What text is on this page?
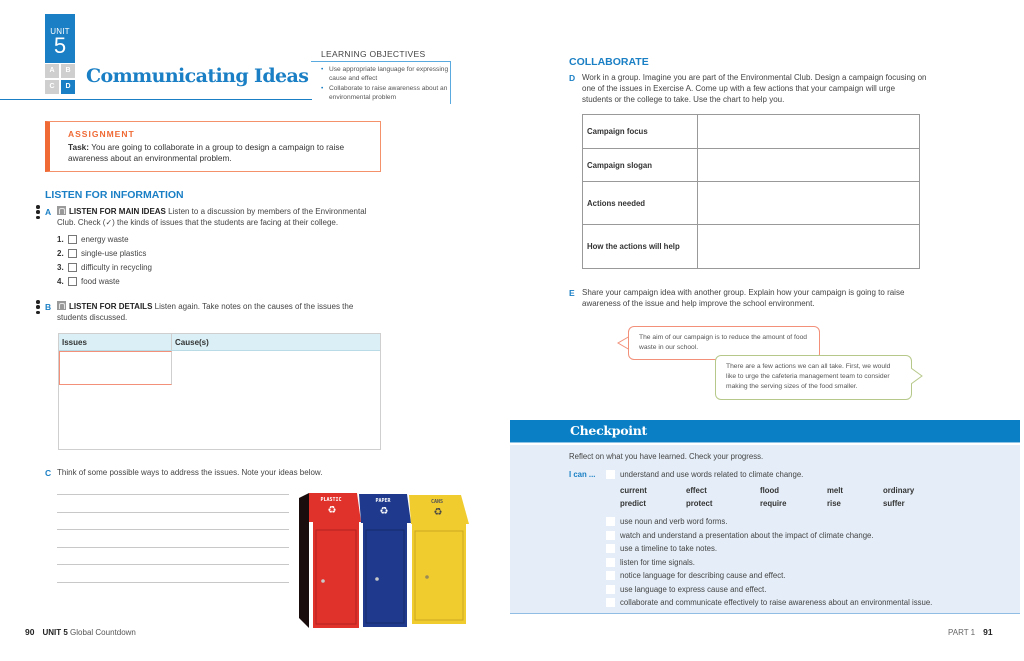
UNIT
5
A	B
C	D Communicating Ideas
LEARNING OBJECTIVES
• Use appropriate language for expressing cause and effect
• Collaborate to raise awareness about an environmental problem
ASSIGNMENT
Task: You are going to collaborate in a group to design a campaign to raise awareness about an environmental problem.
LISTEN FOR INFORMATION
A	LISTEN FOR MAIN IDEAS Listen to a discussion by members of the Environmental Club. Check (✓) the kinds of issues that the students are facing at their college.
1.	energy waste
2.	single-use plastics
3.	difficulty in recycling
4.	food waste
B	LISTEN FOR DETAILS Listen again. Take notes on the causes of the issues the students discussed.
Issues	Cause(s)
C Think of some possible ways to address the issues. Note your ideas below.
PLASTIC	PAPER	CANS
♻	♻	♻
90 UNIT 5 Global Countdown
COLLABORATE
D Work in a group. Imagine you are part of the Environmental Club. Design a campaign focusing on one of the issues in Exercise A. Come up with a few actions that your campaign will urge students or the college to take. Use the chart to help you.
Campaign focus
Campaign slogan
Actions needed
How the actions will help
E Share your campaign idea with another group. Explain how your campaign is going to raise awareness of the issue and help improve the school environment.
The aim of our campaign is to reduce the amount of food waste in our school.
There are a few actions we can all take. First, we would like to urge the cafeteria management team to consider making the serving sizes of the food smaller.
Checkpoint
Reflect on what you have learned. Check your progress.
I can ...	understand and use words related to climate change.
current	effect	flood	melt	ordinary
predict	protect	require	rise	suffer
use noun and verb word forms.
watch and understand a presentation about the impact of climate change.
use a timeline to take notes.
listen for time signals.
notice language for describing cause and effect.
use language to express cause and effect.
collaborate and communicate effectively to raise awareness about an environmental issue.
PART 1 91
